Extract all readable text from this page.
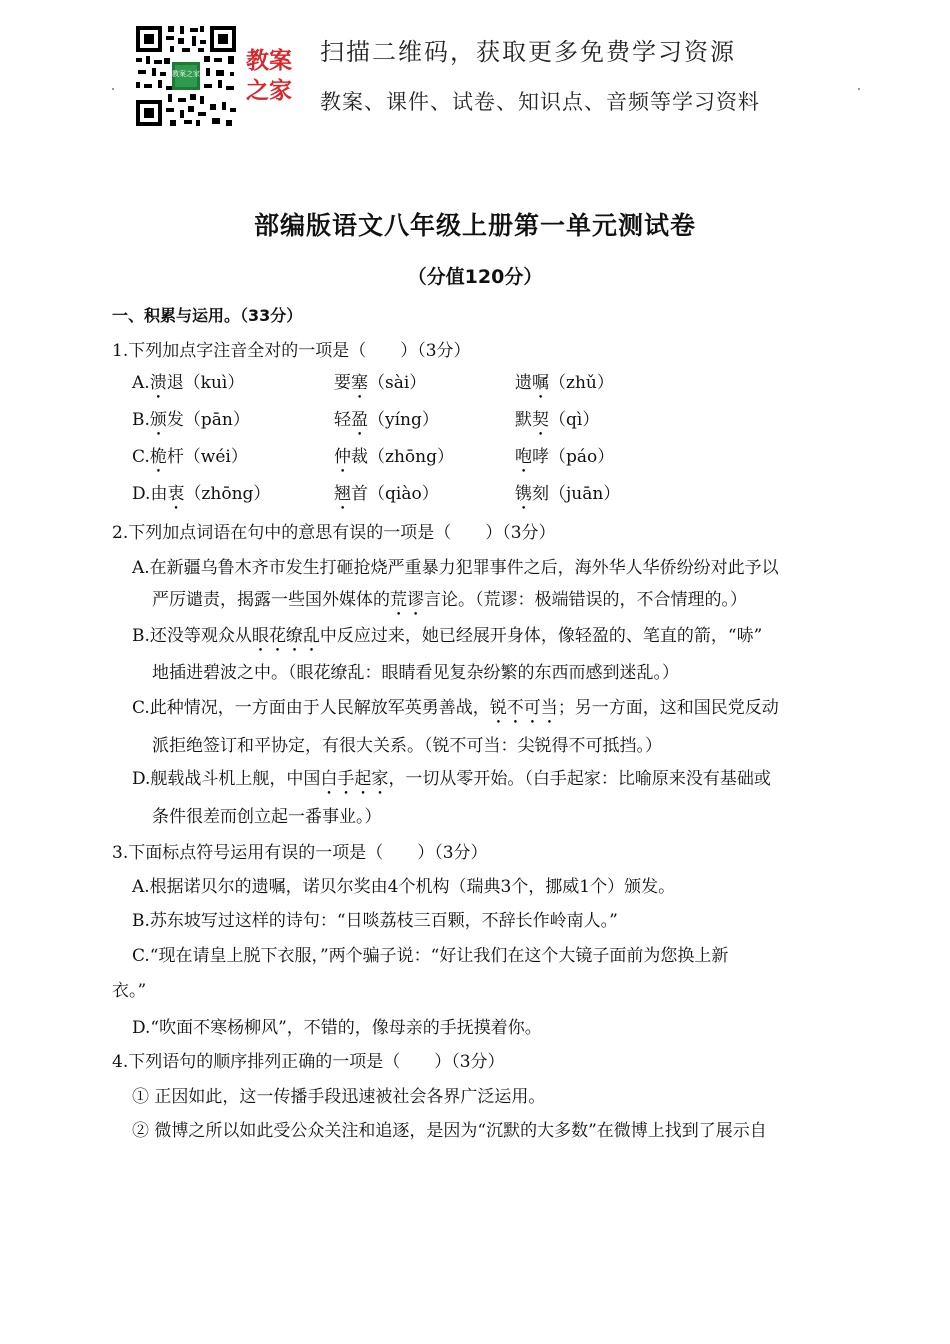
教案之家 教案
之家
扫描二维码，获取更多免费学习资源
教案、课件、试卷、知识点、音频等学习资料
部编版语文八年级上册第一单元测试卷
（分值120分）
一、积累与运用。（33分）
1.下列加点字注音全对的一项是（　　）（3分）
A.溃退（kuì）	要塞（sài）	遗嘱（zhǔ）
B.颁发（pān）	轻盈（yíng）	默契（qì）
C.桅杆（wéi）	仲裁（zhōng）	咆哮（páo）
D.由衷（zhōng）	翘首（qiào）	镌刻（juān）
2.下列加点词语在句中的意思有误的一项是（　　）（3分）
A.在新疆乌鲁木齐市发生打砸抢烧严重暴力犯罪事件之后，海外华人华侨纷纷对此予以
严厉谴责，揭露一些国外媒体的荒谬言论。（荒谬：极端错误的，不合情理的。）
B.还没等观众从眼花缭乱中反应过来，她已经展开身体，像轻盈的、笔直的箭，“哧”
地插进碧波之中。（眼花缭乱：眼睛看见复杂纷繁的东西而感到迷乱。）
C.此种情况，一方面由于人民解放军英勇善战，锐不可当；另一方面，这和国民党反动
派拒绝签订和平协定，有很大关系。（锐不可当：尖锐得不可抵挡。）
D.舰载战斗机上舰，中国白手起家，一切从零开始。（白手起家：比喻原来没有基础或
条件很差而创立起一番事业。）
3.下面标点符号运用有误的一项是（　　）（3分）
A.根据诺贝尔的遗嘱，诺贝尔奖由4个机构（瑞典3个，挪威1个）颁发。
B.苏东坡写过这样的诗句：“日啖荔枝三百颗，不辞长作岭南人。”
C.“现在请皇上脱下衣服，”两个骗子说：“好让我们在这个大镜子面前为您换上新
衣。”
D.“吹面不寒杨柳风”，不错的，像母亲的手抚摸着你。
4.下列语句的顺序排列正确的一项是（　　）（3分）
① 正因如此，这一传播手段迅速被社会各界广泛运用。
② 微博之所以如此受公众关注和追逐，是因为“沉默的大多数”在微博上找到了展示自
